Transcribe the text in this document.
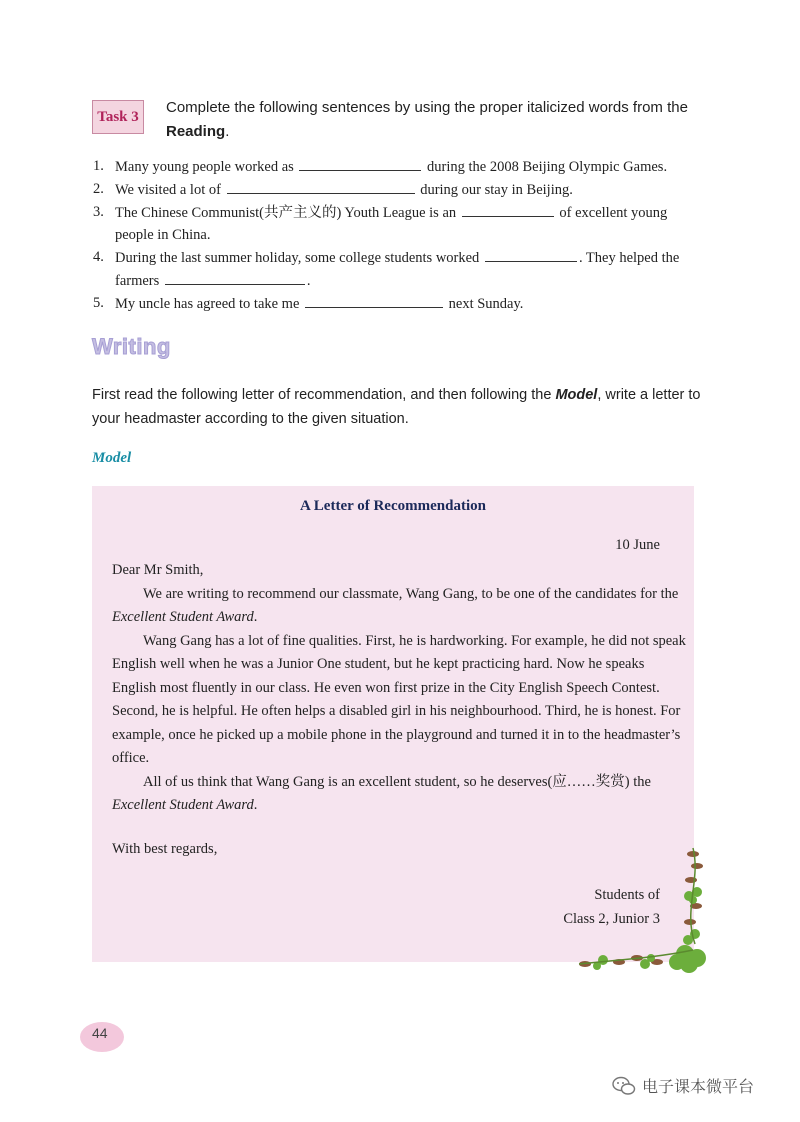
Task 3
Complete the following sentences by using the proper italicized words from the
Reading.
1. Many young people worked as	during the 2008 Beijing Olympic Games.
2. We visited a lot of	during our stay in Beijing.
3. The Chinese Communist(共产主义的) Youth League is an	of excellent young
people in China.
4. During the last summer holiday, some college students worked	. They helped the
farmers	.
5. My uncle has agreed to take me	next Sunday.
Writing
First read the following letter of recommendation, and then following the Model, write a letter to your headmaster according to the given situation.
Model
A Letter of Recommendation
10 June

Dear Mr Smith,

We are writing to recommend our classmate, Wang Gang, to be one of the candidates for the Excellent Student Award.

Wang Gang has a lot of fine qualities. First, he is hardworking. For example, he did not speak English well when he was a Junior One student, but he kept practicing hard. Now he speaks English most fluently in our class. He even won first prize in the City English Speech Contest. Second, he is helpful. He often helps a disabled girl in his neighbourhood. Third, he is honest. For example, once he picked up a mobile phone in the playground and turned it in to the headmaster’s office.

All of us think that Wang Gang is an excellent student, so he deserves(应……奖赏) the Excellent Student Award.

With best regards,
Students of
Class 2, Junior 3
44
电子课本微平台
